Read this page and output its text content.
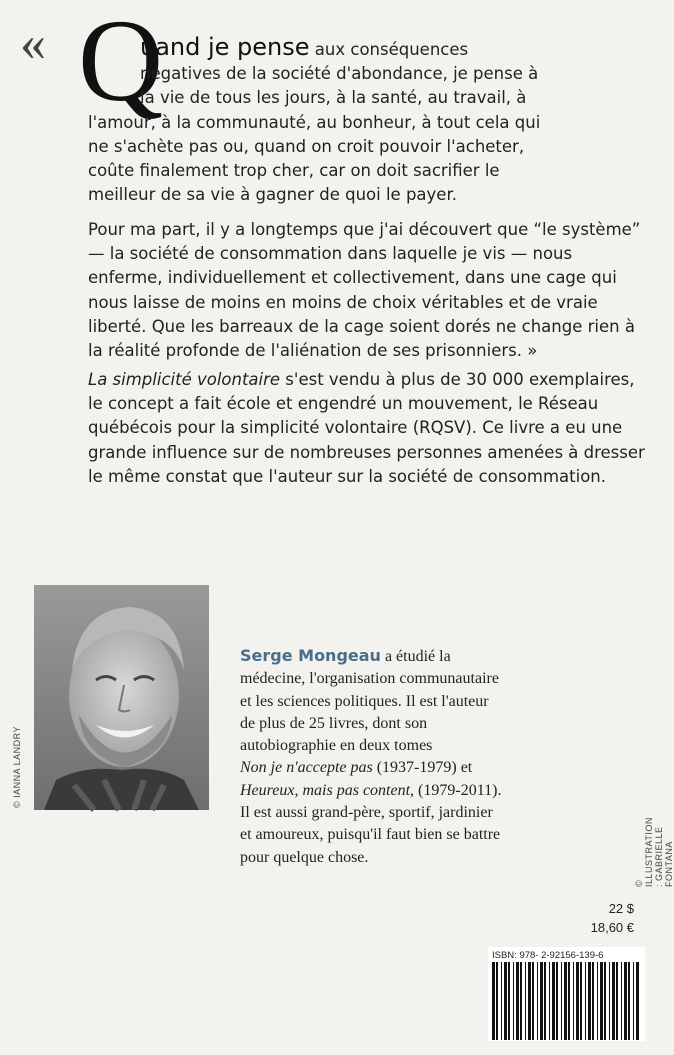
« Q
uand je pense aux conséquences
négatives de la société d'abondance, je pense à
la vie de tous les jours, à la santé, au travail, à
l'amour, à la communauté, au bonheur, à tout cela qui
ne s'achète pas ou, quand on croit pouvoir l'acheter,
coûte finalement trop cher, car on doit sacrifier le
meilleur de sa vie à gagner de quoi le payer.
Pour ma part, il y a longtemps que j'ai découvert que “le système”
— la société de consommation dans laquelle je vis — nous
enferme, individuellement et collectivement, dans une cage qui
nous laisse de moins en moins de choix véritables et de vraie
liberté. Que les barreaux de la cage soient dorés ne change rien à
la réalité profonde de l'aliénation de ses prisonniers. »
La simplicité volontaire s'est vendu à plus de 30 000 exemplaires,
le concept a fait école et engendré un mouvement, le Réseau
québécois pour la simplicité volontaire (RQSV). Ce livre a eu une
grande influence sur de nombreuses personnes amenées à dresser
le même constat que l'auteur sur la société de consommation.
© IANNA LANDRY
Serge Mongeau a étudié la
médecine, l'organisation communautaire
et les sciences politiques. Il est l'auteur
de plus de 25 livres, dont son
autobiographie en deux tomes
Non je n'accepte pas (1937-1979) et
Heureux, mais pas content, (1979-2011).
Il est aussi grand-père, sportif, jardinier
et amoureux, puisqu'il faut bien se battre
pour quelque chose.
© ILLUSTRATION : GABRIELLE FONTANA
22 $
18,60 €
ISBN: 978- 2-92156-139-6
